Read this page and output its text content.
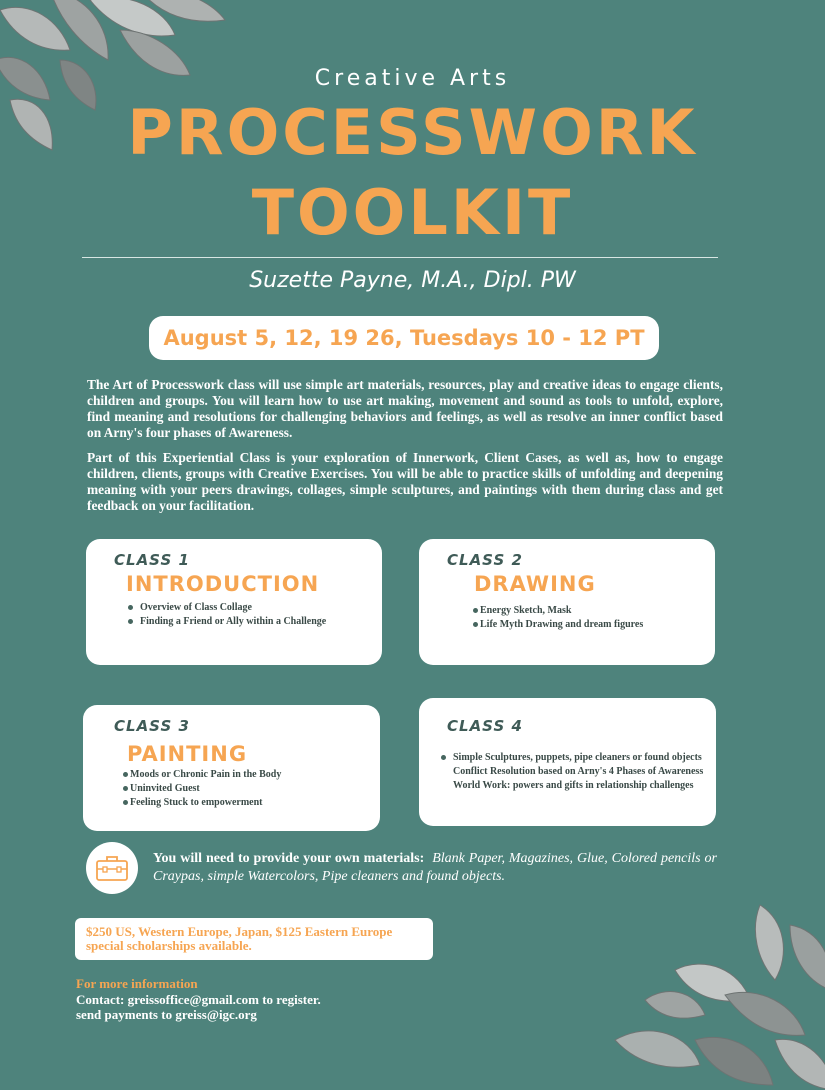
Creative Arts
PROCESSWORK
TOOLKIT
Suzette Payne, M.A., Dipl. PW
August 5, 12, 19 26, Tuesdays 10 - 12 PT
The Art of Processwork class will use simple art materials, resources, play and creative ideas to engage clients, children and groups. You will learn how to use art making, movement and sound as tools to unfold, explore, find meaning and resolutions for challenging behaviors and feelings, as well as resolve an inner conflict based on Arny's four phases of Awareness.
Part of this Experiential Class is your exploration of Innerwork, Client Cases, as well as, how to engage children, clients, groups with Creative Exercises. You will be able to practice skills of unfolding and deepening meaning with your peers drawings, collages, simple sculptures, and paintings with them during class and get feedback on your facilitation.
CLASS 1
INTRODUCTION
Overview of Class Collage
Finding a Friend or Ally within a Challenge
CLASS 2
DRAWING
Energy Sketch, Mask
Life Myth Drawing and dream figures
CLASS 3
PAINTING
Moods or Chronic Pain in the Body
Uninvited Guest
Feeling Stuck to empowerment
CLASS 4
Simple Sculptures, puppets, pipe cleaners or found objects
Conflict Resolution based on Arny's 4 Phases of Awareness
World Work: powers and gifts in relationship challenges
You will need to provide your own materials: Blank Paper, Magazines, Glue, Colored pencils or Craypas, simple Watercolors, Pipe cleaners and found objects.
$250 US, Western Europe, Japan, $125 Eastern Europe special scholarships available.
For more information
Contact: greissoffice@gmail.com to register.
send payments to greiss@igc.org
